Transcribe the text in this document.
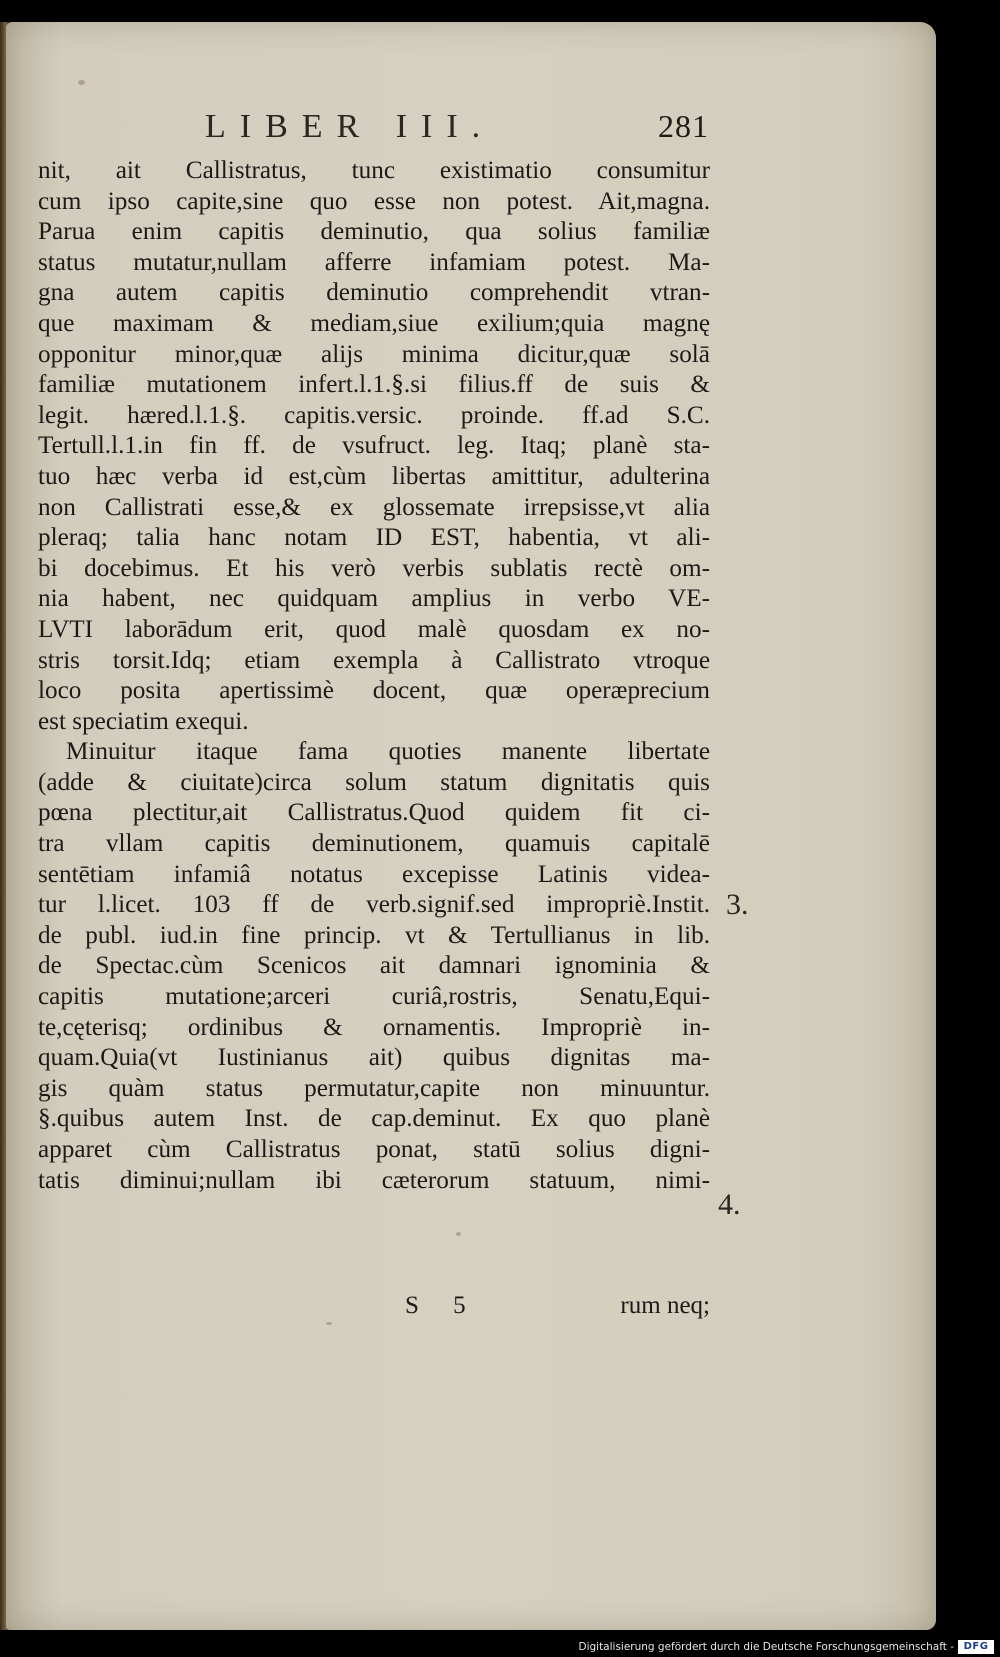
LIBER III.	281
nit, ait Callistratus, tunc existimatio consumitur
cum ipso capite,sine quo esse non potest. Ait,magna.
Parua enim capitis deminutio, qua solius familiæ
status mutatur,nullam afferre infamiam potest. Ma-
gna autem capitis deminutio comprehendit vtran-
que maximam & mediam,siue exilium;quia magnę
opponitur minor,quæ alijs minima dicitur,quæ solā
familiæ mutationem infert.l.1.§.si filius.ff de suis &
legit. hæred.l.1.§. capitis.versic. proinde. ff.ad S.C.
Tertull.l.1.in fin ff. de vsufruct. leg. Itaq; planè sta-
tuo hæc verba id est,cùm libertas amittitur, adulterina
non Callistrati esse,& ex glossemate irrepsisse,vt alia
pleraq; talia hanc notam ID EST, habentia, vt ali-
bi docebimus. Et his verò verbis sublatis rectè om-
nia habent, nec quidquam amplius in verbo VE-
LVTI laborādum erit, quod malè quosdam ex no-
stris torsit.Idq; etiam exempla à Callistrato vtroque
loco posita apertissimè docent, quæ operæprecium
est speciatim exequi.
Minuitur itaque fama quoties manente libertate
(adde & ciuitate)circa solum statum dignitatis quis
pœna plectitur,ait Callistratus.Quod quidem fit ci-
tra vllam capitis deminutionem, quamuis capitalē
sentētiam infamiâ notatus excepisse Latinis videa-
tur l.licet. 103 ff de verb.signif.sed impropriè.Instit.
de publ. iud.in fine princip. vt & Tertullianus in lib.
de Spectac.cùm Scenicos ait damnari ignominia &
capitis mutatione;arceri curiâ,rostris, Senatu,Equi-
te,cęterisq; ordinibus & ornamentis. Impropriè in-
quam.Quia(vt Iustinianus ait) quibus dignitas ma-
gis quàm status permutatur,capite non minuuntur.
§.quibus autem Inst. de cap.deminut. Ex quo planè
apparet cùm Callistratus ponat, statū solius digni-
tatis diminui;nullam ibi cæterorum statuum, nimi-
3.
4.
S 5	rum neq;
Digitalisierung gefördert durch die Deutsche Forschungsgemeinschaft - DFG
